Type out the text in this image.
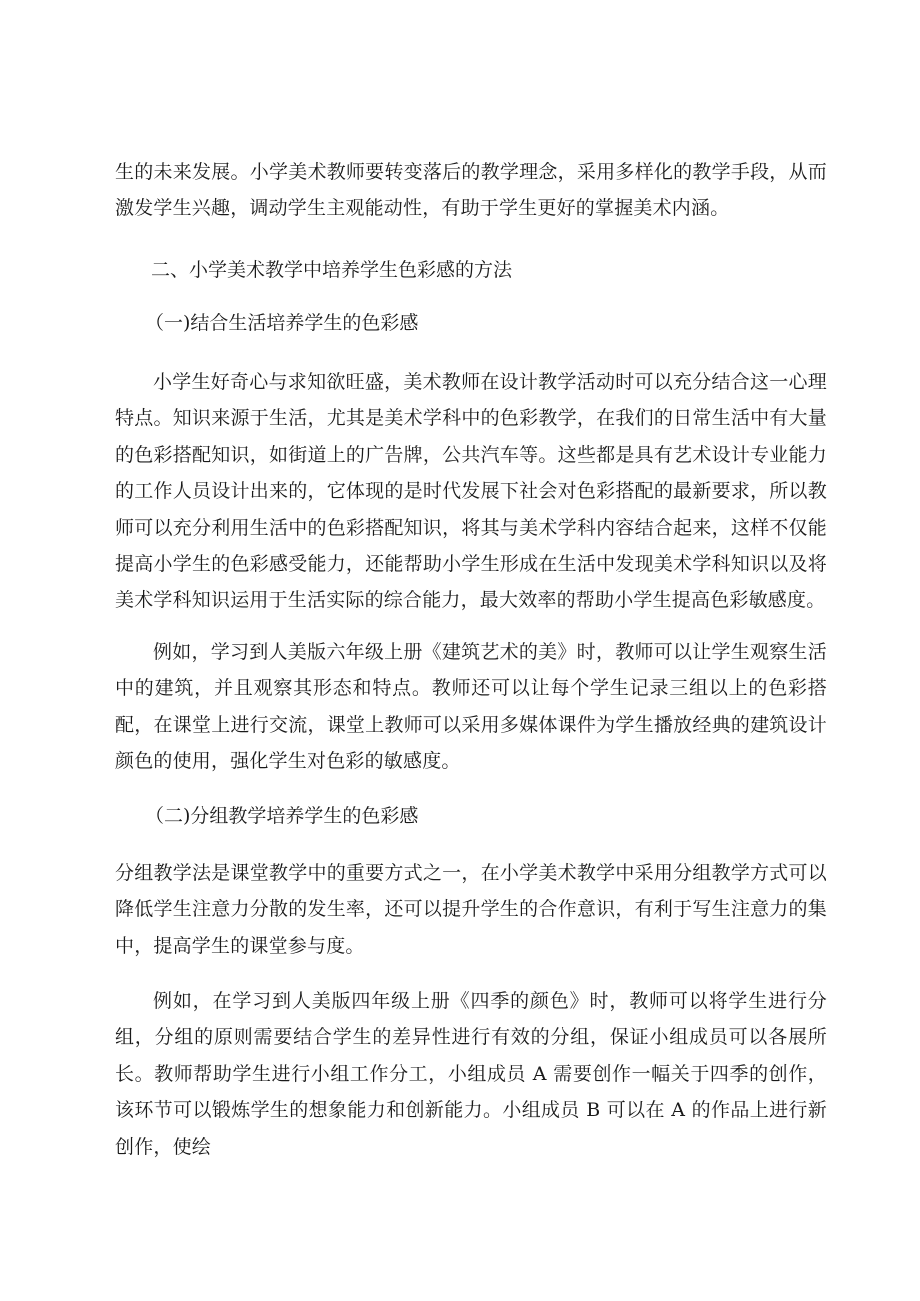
生的未来发展。小学美术教师要转变落后的教学理念，采用多样化的教学手段，从而激发学生兴趣，调动学生主观能动性，有助于学生更好的掌握美术内涵。

二、小学美术教学中培养学生色彩感的方法

（一)结合生活培养学生的色彩感

小学生好奇心与求知欲旺盛，美术教师在设计教学活动时可以充分结合这一心理特点。知识来源于生活，尤其是美术学科中的色彩教学，在我们的日常生活中有大量的色彩搭配知识，如街道上的广告牌，公共汽车等。这些都是具有艺术设计专业能力的工作人员设计出来的，它体现的是时代发展下社会对色彩搭配的最新要求，所以教师可以充分利用生活中的色彩搭配知识，将其与美术学科内容结合起来，这样不仅能提高小学生的色彩感受能力，还能帮助小学生形成在生活中发现美术学科知识以及将美术学科知识运用于生活实际的综合能力，最大效率的帮助小学生提高色彩敏感度。

例如，学习到人美版六年级上册《建筑艺术的美》时，教师可以让学生观察生活中的建筑，并且观察其形态和特点。教师还可以让每个学生记录三组以上的色彩搭配，在课堂上进行交流，课堂上教师可以采用多媒体课件为学生播放经典的建筑设计颜色的使用，强化学生对色彩的敏感度。

（二)分组教学培养学生的色彩感

分组教学法是课堂教学中的重要方式之一，在小学美术教学中采用分组教学方式可以降低学生注意力分散的发生率，还可以提升学生的合作意识，有利于写生注意力的集中，提高学生的课堂参与度。

例如，在学习到人美版四年级上册《四季的颜色》时，教师可以将学生进行分组，分组的原则需要结合学生的差异性进行有效的分组，保证小组成员可以各展所长。教师帮助学生进行小组工作分工，小组成员 A 需要创作一幅关于四季的创作，该环节可以锻炼学生的想象能力和创新能力。小组成员 B 可以在 A 的作品上进行新创作，使绘
